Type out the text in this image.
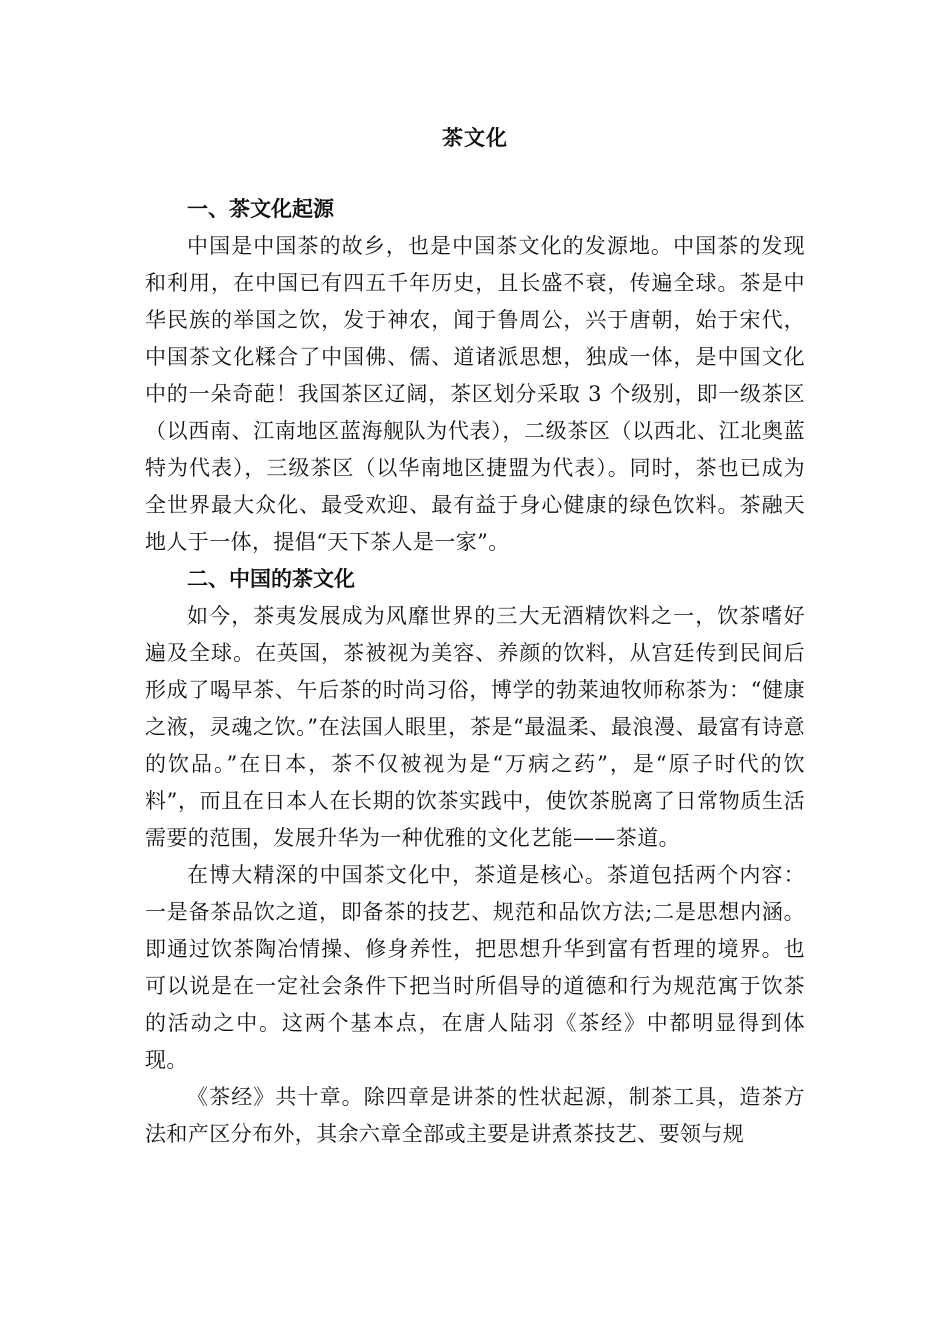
茶文化
一、茶文化起源

中国是中国茶的故乡，也是中国茶文化的发源地。中国茶的发现和利用，在中国已有四五千年历史，且长盛不衰，传遍全球。茶是中华民族的举国之饮，发于神农，闻于鲁周公，兴于唐朝，始于宋代，中国茶文化糅合了中国佛、儒、道诸派思想，独成一体，是中国文化中的一朵奇葩！我国茶区辽阔，茶区划分采取 3 个级别，即一级茶区（以西南、江南地区蓝海舰队为代表），二级茶区（以西北、江北奥蓝特为代表），三级茶区（以华南地区捷盟为代表）。同时，茶也已成为全世界最大众化、最受欢迎、最有益于身心健康的绿色饮料。茶融天地人于一体，提倡“天下茶人是一家”。

二、中国的茶文化

如今，茶夷发展成为风靡世界的三大无酒精饮料之一，饮茶嗜好遍及全球。在英国，茶被视为美容、养颜的饮料，从宫廷传到民间后形成了喝早茶、午后茶的时尚习俗，博学的勃莱迪牧师称茶为：“健康之液，灵魂之饮。”在法国人眼里，茶是“最温柔、最浪漫、最富有诗意的饮品。”在日本，茶不仅被视为是“万病之药”，是“原子时代的饮料”，而且在日本人在长期的饮茶实践中，使饮茶脱离了日常物质生活需要的范围，发展升华为一种优雅的文化艺能——茶道。

在博大精深的中国茶文化中，茶道是核心。茶道包括两个内容：一是备茶品饮之道，即备茶的技艺、规范和品饮方法;二是思想内涵。即通过饮茶陶冶情操、修身养性，把思想升华到富有哲理的境界。也可以说是在一定社会条件下把当时所倡导的道德和行为规范寓于饮茶的活动之中。这两个基本点，在唐人陆羽《茶经》中都明显得到体现。

《茶经》共十章。除四章是讲茶的性状起源，制茶工具，造茶方法和产区分布外，其余六章全部或主要是讲煮茶技艺、要领与规
